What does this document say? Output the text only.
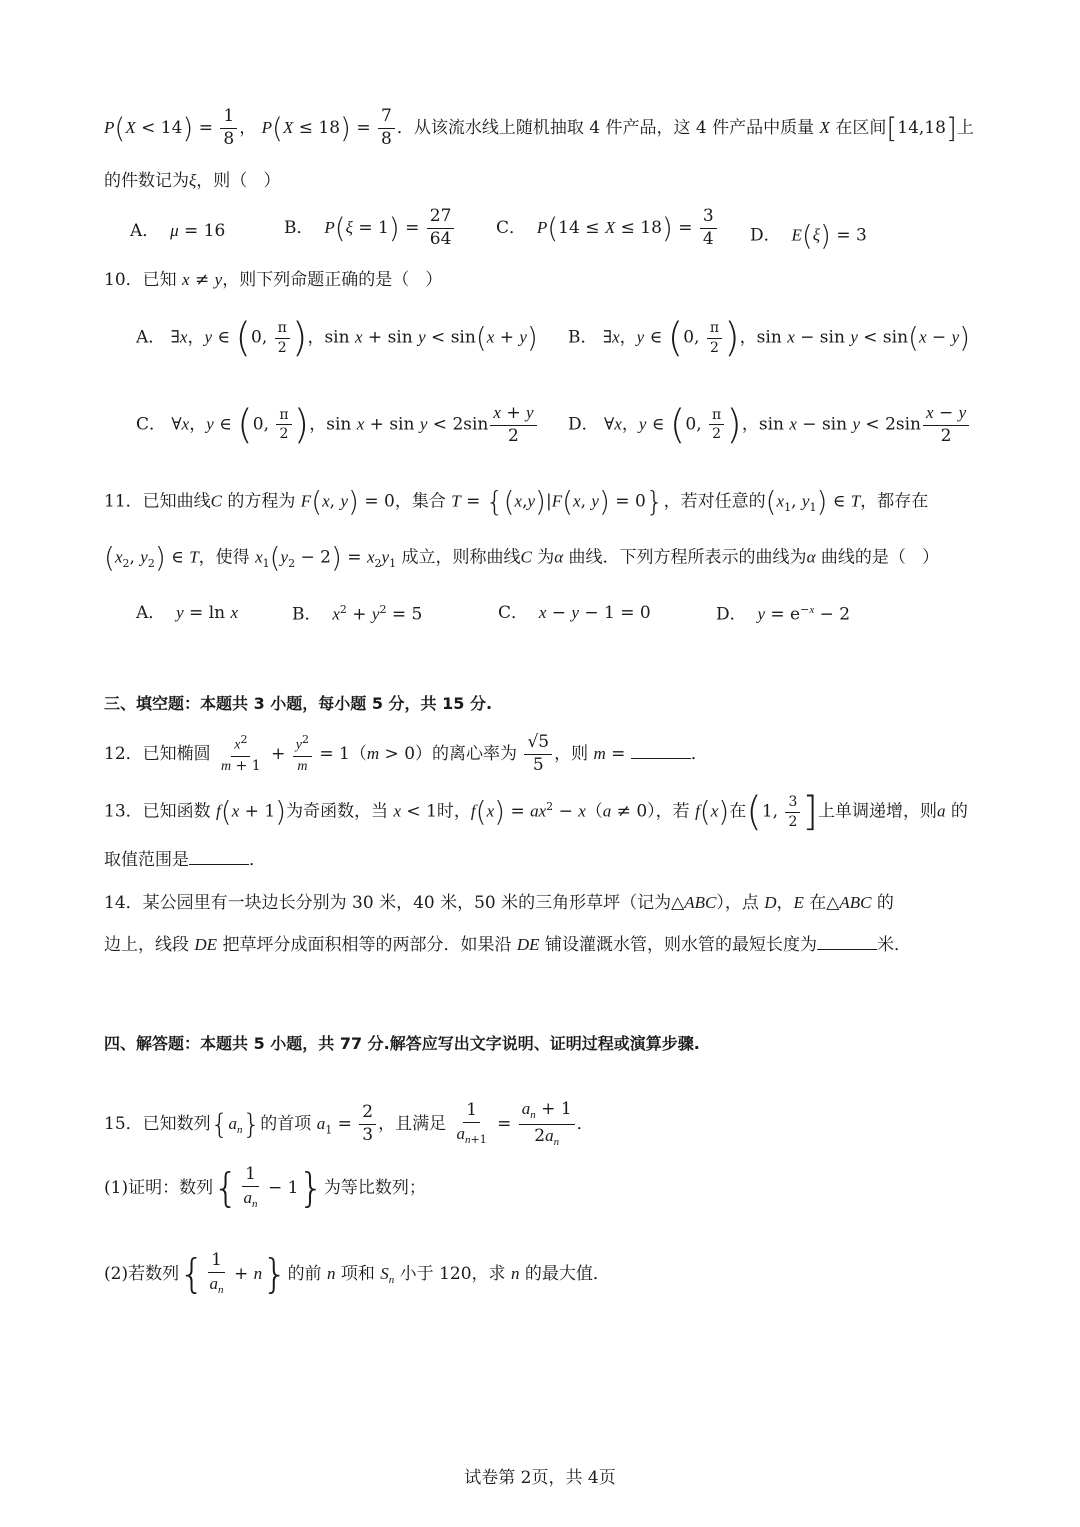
$P(X < 14) = \frac{1}{8}$ ， $P(X \le 18) = \frac{7}{8}$ ．从该流水线上随机抽取 4 件产品，这 4 件产品中质量 X 在区间[14,18]上
的件数记为ξ，则（   ）
A．  μ = 16	B．  $P(\xi = 1) = \frac{27}{64}$ C．  $P(14 \le X \le 18) = \frac{3}{4}$ D．  E(ξ) = 3
10．已知 x ≠ y，则下列命题正确的是（   ）
A． ∃x，y ∈ (0, $\frac{\pi}{2}$ )，sin x + sin y < sin(x + y) B． ∃x，y ∈ (0, $\frac{\pi}{2}$ )，sin x − sin y < sin(x − y)
C． ∀x，y ∈ (0, $\frac{\pi}{2}$ )，$\sin x + \sin y < 2\sin \frac{x + y}{2}$ D． ∀x，y ∈ (0, $\frac{\pi}{2}$ )，$\sin x - \sin y < 2\sin \frac{x - y}{2}$
11．已知曲线C 的方程为 F(x, y) = 0，集合 T = {(x,y)|F(x, y) = 0}，若对任意的($x_1$, $y_1$) ∈ T，都存在
($x_2$, $y_2$) ∈ T，使得 $x_1(y_2 - 2) = x_2y_1$ 成立，则称曲线C 为α 曲线．下列方程所表示的曲线为α 曲线的是（   ）
A．  y = ln x	B．  $x^2 + y^2 = 5$	C．  x − y − 1 = 0	D．  $y = e^{-x} - 2$
三、填空题：本题共 3 小题，每小题 5 分，共 15 分.
12．已知椭圆 $\frac{x^2}{m + 1} + \frac{y^2}{m} = 1(m > 0)$的离心率为 $\frac{√5}{5}$ ，则 m =	．
13．已知函数 f(x + 1)为奇函数，当 x < 1时，$f(x) = ax^2 - x(a \ne 0)$，若 f(x)在(1, $\frac{3}{2}$ ]上单调递增，则a 的
取值范围是	．
14．某公园里有一块边长分别为 30 米，40 米，50 米的三角形草坪（记为△ABC），点 D，E 在△ABC 的
边上，线段 DE 把草坪分成面积相等的两部分．如果沿 DE 铺设灌溉水管，则水管的最短长度为	米．
四、解答题：本题共 5 小题，共 77 分.解答应写出文字说明、证明过程或演算步骤.
15．已知数列$\{a_n\}$的首项 $a_1 = \frac{2}{3}$ ，且满足 $\frac{1}{a_{n+1}} = \frac{a_n + 1}{2a_n}$ ．
(1)证明：数列{ $\frac{1}{a_n} - 1$}为等比数列；
(2)若数列{ $\frac{1}{a_n} + n$}的前 n 项和 $S_n$ 小于 120，求 n 的最大值．
试卷第 2页，共 4页
